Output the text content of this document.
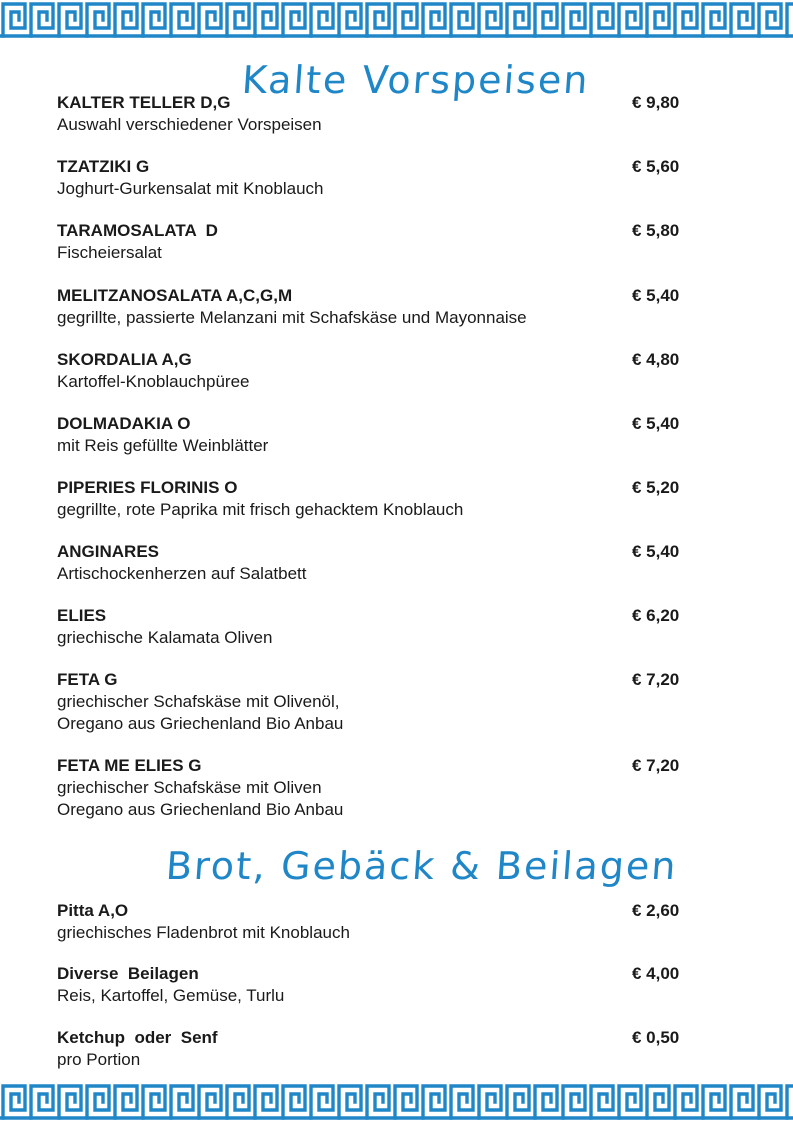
Kalte Vorspeisen
Brot, Gebäck & Beilagen
KALTER TELLER D,G
Auswahl verschiedener Vorspeisen
€ 9,80
TZATZIKI G
Joghurt-Gurkensalat mit Knoblauch
€ 5,60
TARAMOSALATA  D
Fischeiersalat
€ 5,80
MELITZANOSALATA A,C,G,M
gegrillte, passierte Melanzani mit Schafskäse und Mayonnaise
€ 5,40
SKORDALIA A,G
Kartoffel-Knoblauchpüree
€ 4,80
DOLMADAKIA O
mit Reis gefüllte Weinblätter
€ 5,40
PIPERIES FLORINIS O
gegrillte, rote Paprika mit frisch gehacktem Knoblauch
€ 5,20
ANGINARES
Artischockenherzen auf Salatbett
€ 5,40
ELIES
griechische Kalamata Oliven
€ 6,20
FETA G
griechischer Schafskäse mit Olivenöl,
Oregano aus Griechenland Bio Anbau
€ 7,20
FETA ME ELIES G
griechischer Schafskäse mit Oliven
Oregano aus Griechenland Bio Anbau
€ 7,20
Pitta A,O
griechisches Fladenbrot mit Knoblauch
€ 2,60
Diverse  Beilagen
Reis, Kartoffel, Gemüse, Turlu
€ 4,00
Ketchup  oder  Senf
pro Portion
€ 0,50
